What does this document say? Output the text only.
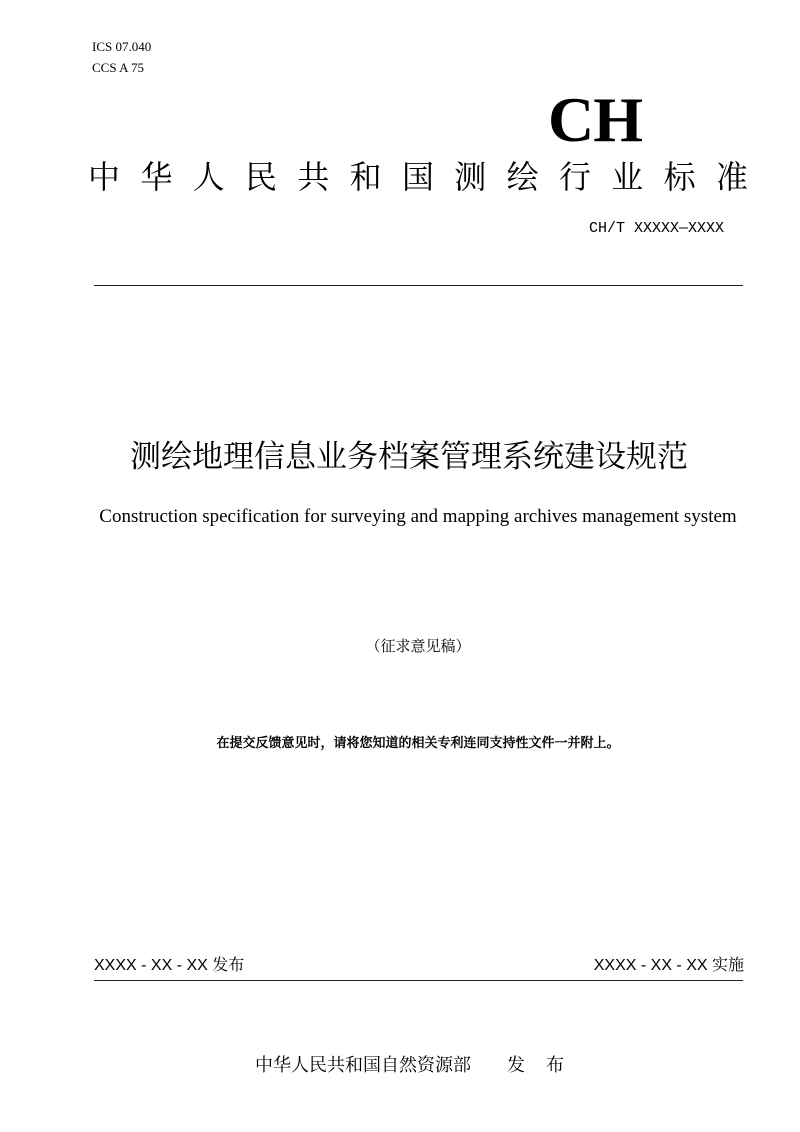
ICS 07.040
CCS A 75
CH
中 华 人 民 共 和 国 测 绘 行 业 标 准
CH/T XXXXX—XXXX
测绘地理信息业务档案管理系统建设规范
Construction specification for surveying and mapping archives management system
（征求意见稿）
在提交反馈意见时，请将您知道的相关专利连同支持性文件一并附上。
XXXX - XX - XX 发布	XXXX - XX - XX 实施
中华人民共和国自然资源部 发 布
